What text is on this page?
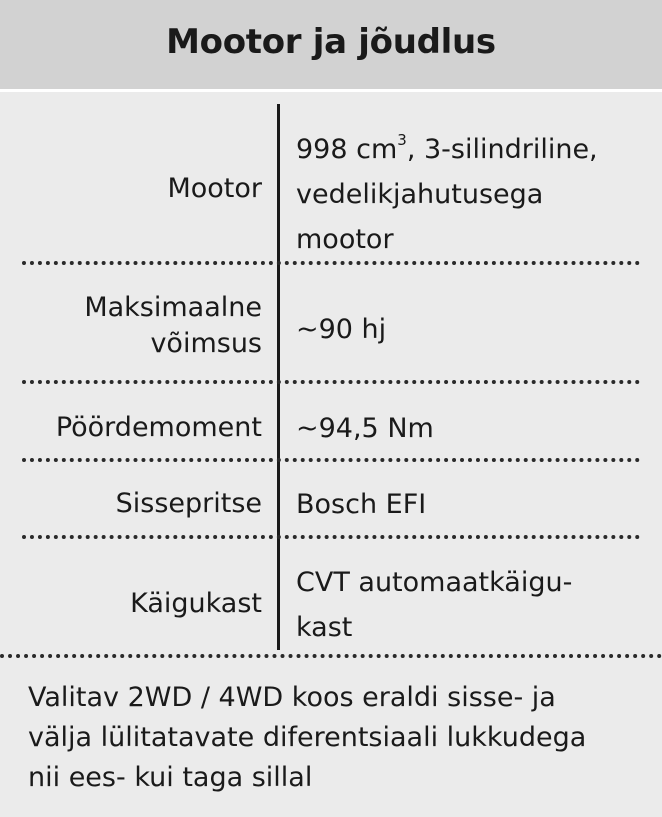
Mootor ja jõudlus
Mootor
998 $cm^3$, 3-silindriline,
vedelikjahutusega
mootor
Maksimaalne
võimsus ~90 hj
Pöördemoment ~94,5 Nm
Sissepritse Bosch EFI
Käigukast
CVT automaatkäigu-
kast
Valitav 2WD / 4WD koos eraldi sisse- ja
välja lülitatavate diferentsiaali lukkudega
nii ees- kui taga sillal
